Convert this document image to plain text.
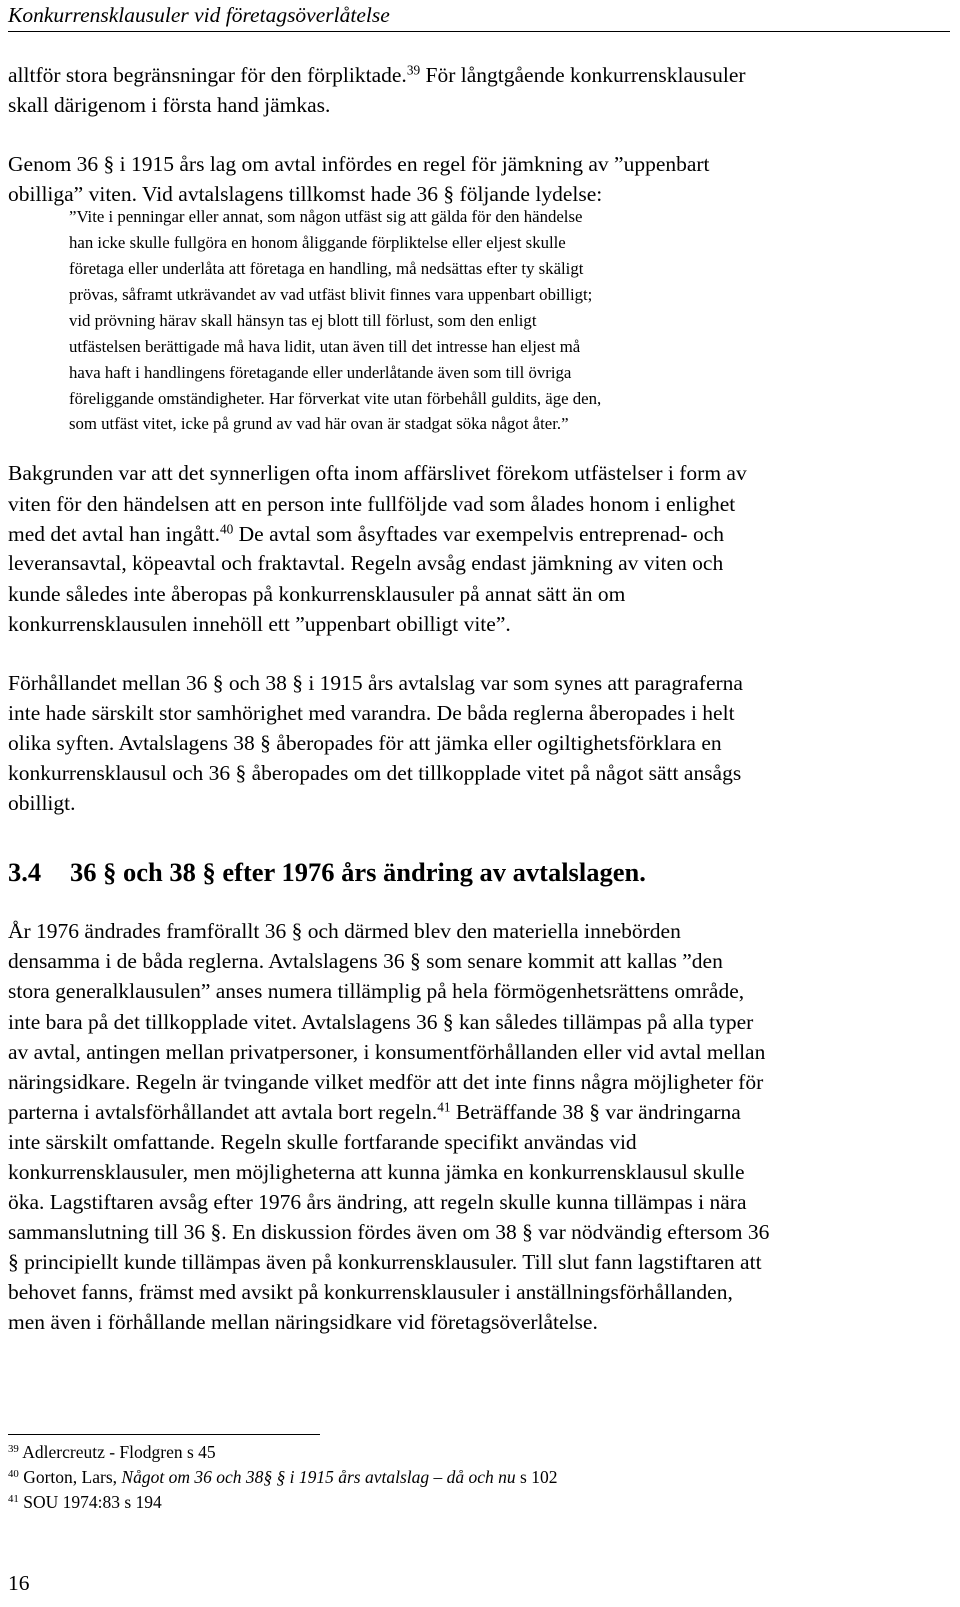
Konkurrensklausuler vid företagsöverlåtelse
alltför stora begränsningar för den förpliktade.$^{39}$ För långtgående konkurrensklausuler
skall därigenom i första hand jämkas.
Genom 36 § i 1915 års lag om avtal infördes en regel för jämkning av ”uppenbart
obilliga” viten. Vid avtalslagens tillkomst hade 36 § följande lydelse:
”Vite i penningar eller annat, som någon utfäst sig att gälda för den händelse
han icke skulle fullgöra en honom åliggande förpliktelse eller eljest skulle
företaga eller underlåta att företaga en handling, må nedsättas efter ty skäligt
prövas, såframt utkrävandet av vad utfäst blivit finnes vara uppenbart obilligt;
vid prövning härav skall hänsyn tas ej blott till förlust, som den enligt
utfästelsen berättigade må hava lidit, utan även till det intresse han eljest må
hava haft i handlingens företagande eller underlåtande även som till övriga
föreliggande omständigheter. Har förverkat vite utan förbehåll guldits, äge den,
som utfäst vitet, icke på grund av vad här ovan är stadgat söka något åter.”
Bakgrunden var att det synnerligen ofta inom affärslivet förekom utfästelser i form av
viten för den händelsen att en person inte fullföljde vad som ålades honom i enlighet
med det avtal han ingått.$^{40}$ De avtal som åsyftades var exempelvis entreprenad- och
leveransavtal, köpeavtal och fraktavtal. Regeln avsåg endast jämkning av viten och
kunde således inte åberopas på konkurrensklausuler på annat sätt än om
konkurrensklausulen innehöll ett ”uppenbart obilligt vite”.
Förhållandet mellan 36 § och 38 § i 1915 års avtalslag var som synes att paragraferna
inte hade särskilt stor samhörighet med varandra. De båda reglerna åberopades i helt
olika syften. Avtalslagens 38 § åberopades för att jämka eller ogiltighetsförklara en
konkurrensklausul och 36 § åberopades om det tillkopplade vitet på något sätt ansågs
obilligt.
3.4 36 § och 38 § efter 1976 års ändring av avtalslagen.
År 1976 ändrades framförallt 36 § och därmed blev den materiella innebörden
densamma i de båda reglerna. Avtalslagens 36 § som senare kommit att kallas ”den
stora generalklausulen” anses numera tillämplig på hela förmögenhetsrättens område,
inte bara på det tillkopplade vitet. Avtalslagens 36 § kan således tillämpas på alla typer
av avtal, antingen mellan privatpersoner, i konsumentförhållanden eller vid avtal mellan
näringsidkare. Regeln är tvingande vilket medför att det inte finns några möjligheter för
parterna i avtalsförhållandet att avtala bort regeln.$^{41}$ Beträffande 38 § var ändringarna
inte särskilt omfattande. Regeln skulle fortfarande specifikt användas vid
konkurrensklausuler, men möjligheterna att kunna jämka en konkurrensklausul skulle
öka. Lagstiftaren avsåg efter 1976 års ändring, att regeln skulle kunna tillämpas i nära
sammanslutning till 36 §. En diskussion fördes även om 38 § var nödvändig eftersom 36
§ principiellt kunde tillämpas även på konkurrensklausuler. Till slut fann lagstiftaren att
behovet fanns, främst med avsikt på konkurrensklausuler i anställningsförhållanden,
men även i förhållande mellan näringsidkare vid företagsöverlåtelse.
$^{39}$ Adlercreutz - Flodgren s 45
$^{40}$ Gorton, Lars, Något om 36 och 38§ § i 1915 års avtalslag – då och nu s 102
$^{41}$ SOU 1974:83 s 194
16
